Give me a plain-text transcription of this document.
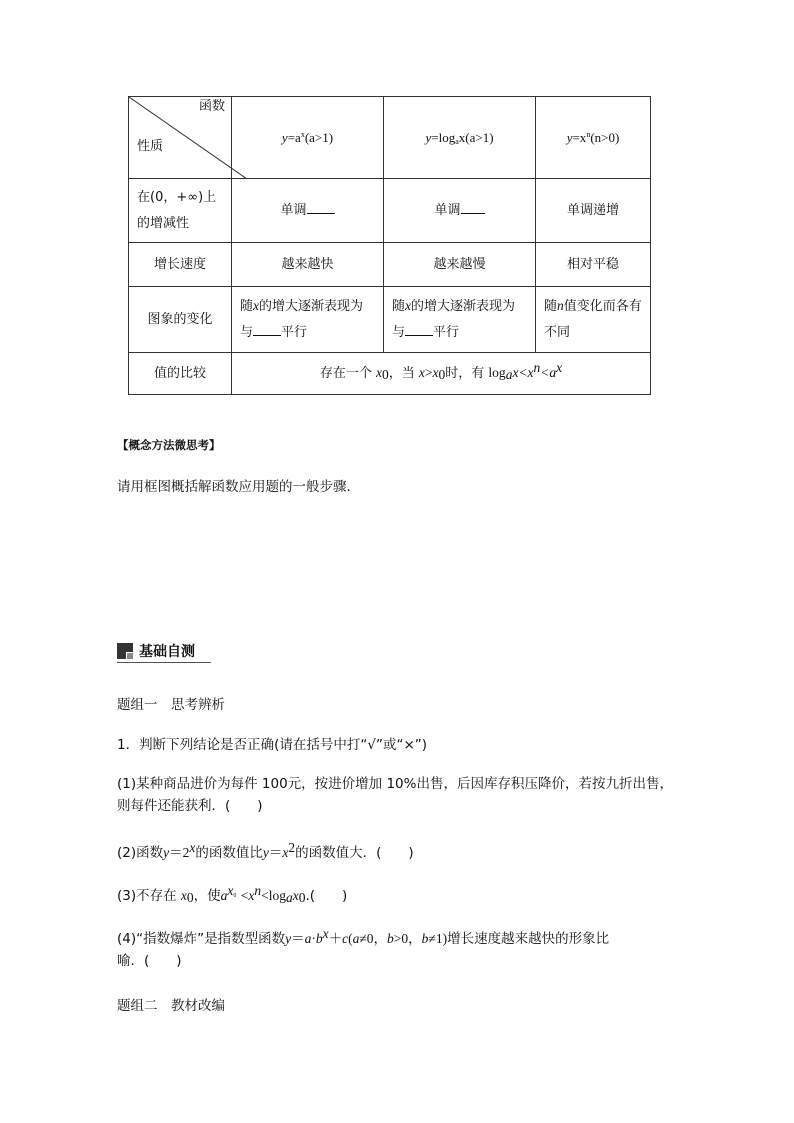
函数
性质	$y=a^x(a>1)$	$y=\log_ax(a>1)$	$y=x^n(n>0)$
在(0，+∞)上的增减性	单调	单调	单调递增
增长速度	越来越快	越来越慢	相对平稳
图象的变化	随x的增大逐渐表现为与 平行	随x的增大逐渐表现为与 平行	随n值变化而各有不同
值的比较	存在一个 $x_0$，当 $x>x_0$时，有 $\log_ax<x^n<a^x$
【概念方法微思考】
请用框图概括解函数应用题的一般步骤．
基础自测
题组一　思考辨析
1．判断下列结论是否正确(请在括号中打“√”或“×”)
(1)某种商品进价为每件 100元，按进价增加 10%出售，后因库存积压降价，若按九折出售，
则每件还能获利．(　　)
(2)函数$y=2^x$的函数值比$y=x^2$的函数值大．(　　)
(3)不存在 $x_0$，使$a^{x_0} <x^n<\log_ax_0$.(　　)
(4)“指数爆炸”是指数型函数$y=a\cdot b^x+c(a\ne 0$，b>0，b≠1)增长速度越来越快的形象比
喻．(　　)
题组二　教材改编
